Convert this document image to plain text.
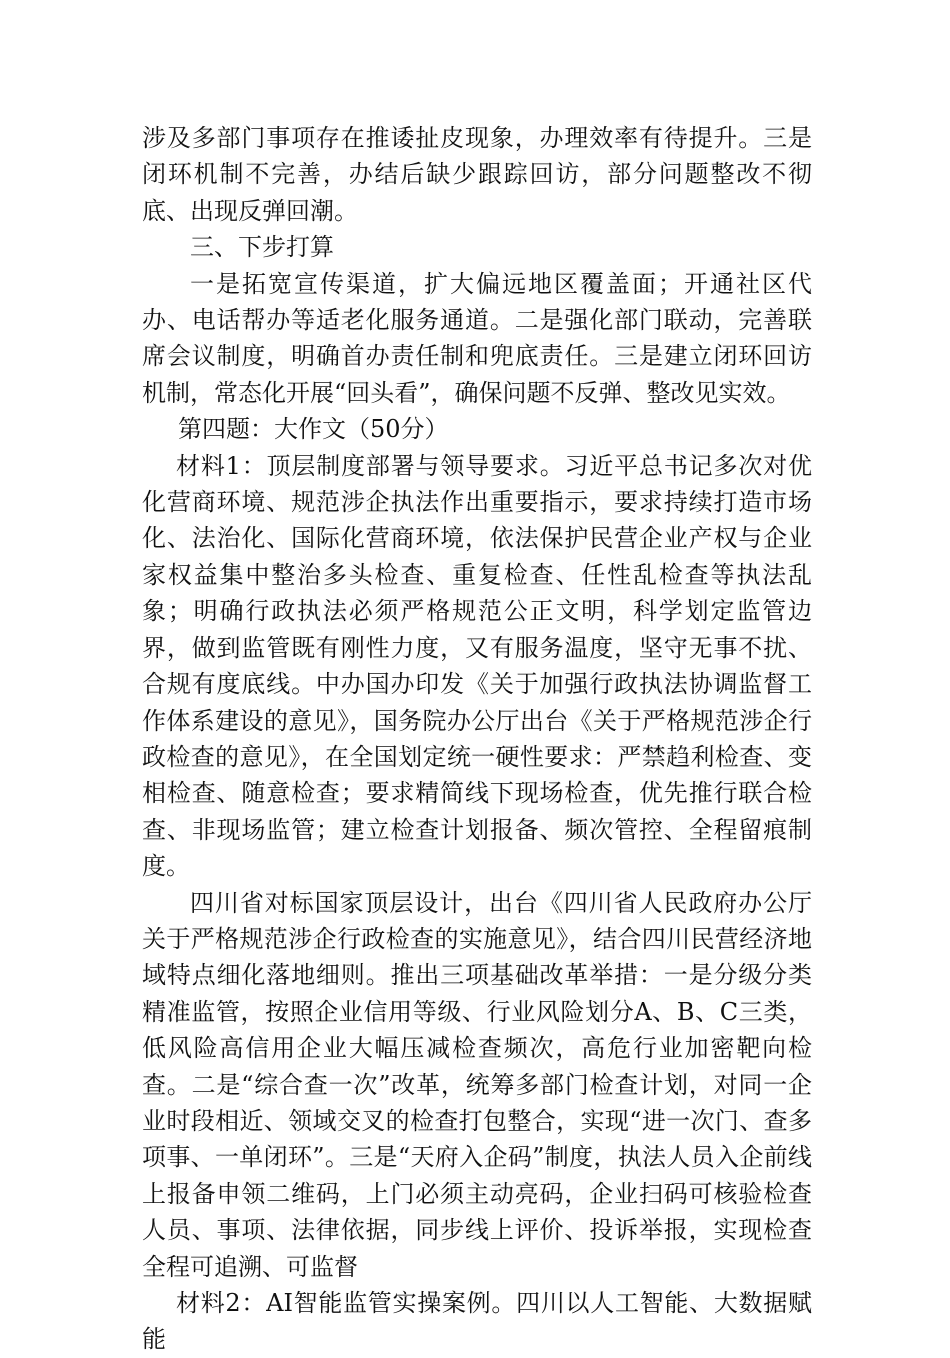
涉及多部门事项存在推诿扯皮现象，办理效率有待提升。三是闭环机制不完善，办结后缺少跟踪回访，部分问题整改不彻底、出现反弹回潮。

三、下步打算

一是拓宽宣传渠道，扩大偏远地区覆盖面；开通社区代办、电话帮办等适老化服务通道。二是强化部门联动，完善联席会议制度，明确首办责任制和兜底责任。三是建立闭环回访机制，常态化开展“回头看”，确保问题不反弹、整改见实效。

第四题：大作文（50分）

材料1：顶层制度部署与领导要求。习近平总书记多次对优化营商环境、规范涉企执法作出重要指示，要求持续打造市场化、法治化、国际化营商环境，依法保护民营企业产权与企业家权益集中整治多头检查、重复检查、任性乱检查等执法乱象；明确行政执法必须严格规范公正文明，科学划定监管边界，做到监管既有刚性力度，又有服务温度，坚守无事不扰、合规有度底线。中办国办印发《关于加强行政执法协调监督工作体系建设的意见》，国务院办公厅出台《关于严格规范涉企行政检查的意见》，在全国划定统一硬性要求：严禁趋利检查、变相检查、随意检查；要求精简线下现场检查，优先推行联合检查、非现场监管；建立检查计划报备、频次管控、全程留痕制度。

四川省对标国家顶层设计，出台《四川省人民政府办公厅关于严格规范涉企行政检查的实施意见》，结合四川民营经济地域特点细化落地细则。推出三项基础改革举措：一是分级分类精准监管，按照企业信用等级、行业风险划分A、B、C三类，低风险高信用企业大幅压减检查频次，高危行业加密靶向检查。二是“综合查一次”改革，统筹多部门检查计划，对同一企业时段相近、领域交叉的检查打包整合，实现“进一次门、查多项事、一单闭环”。三是“天府入企码”制度，执法人员入企前线上报备申领二维码，上门必须主动亮码，企业扫码可核验检查人员、事项、法律依据，同步线上评价、投诉举报，实现检查全程可追溯、可监督

材料2：AI智能监管实操案例。四川以人工智能、大数据赋能
